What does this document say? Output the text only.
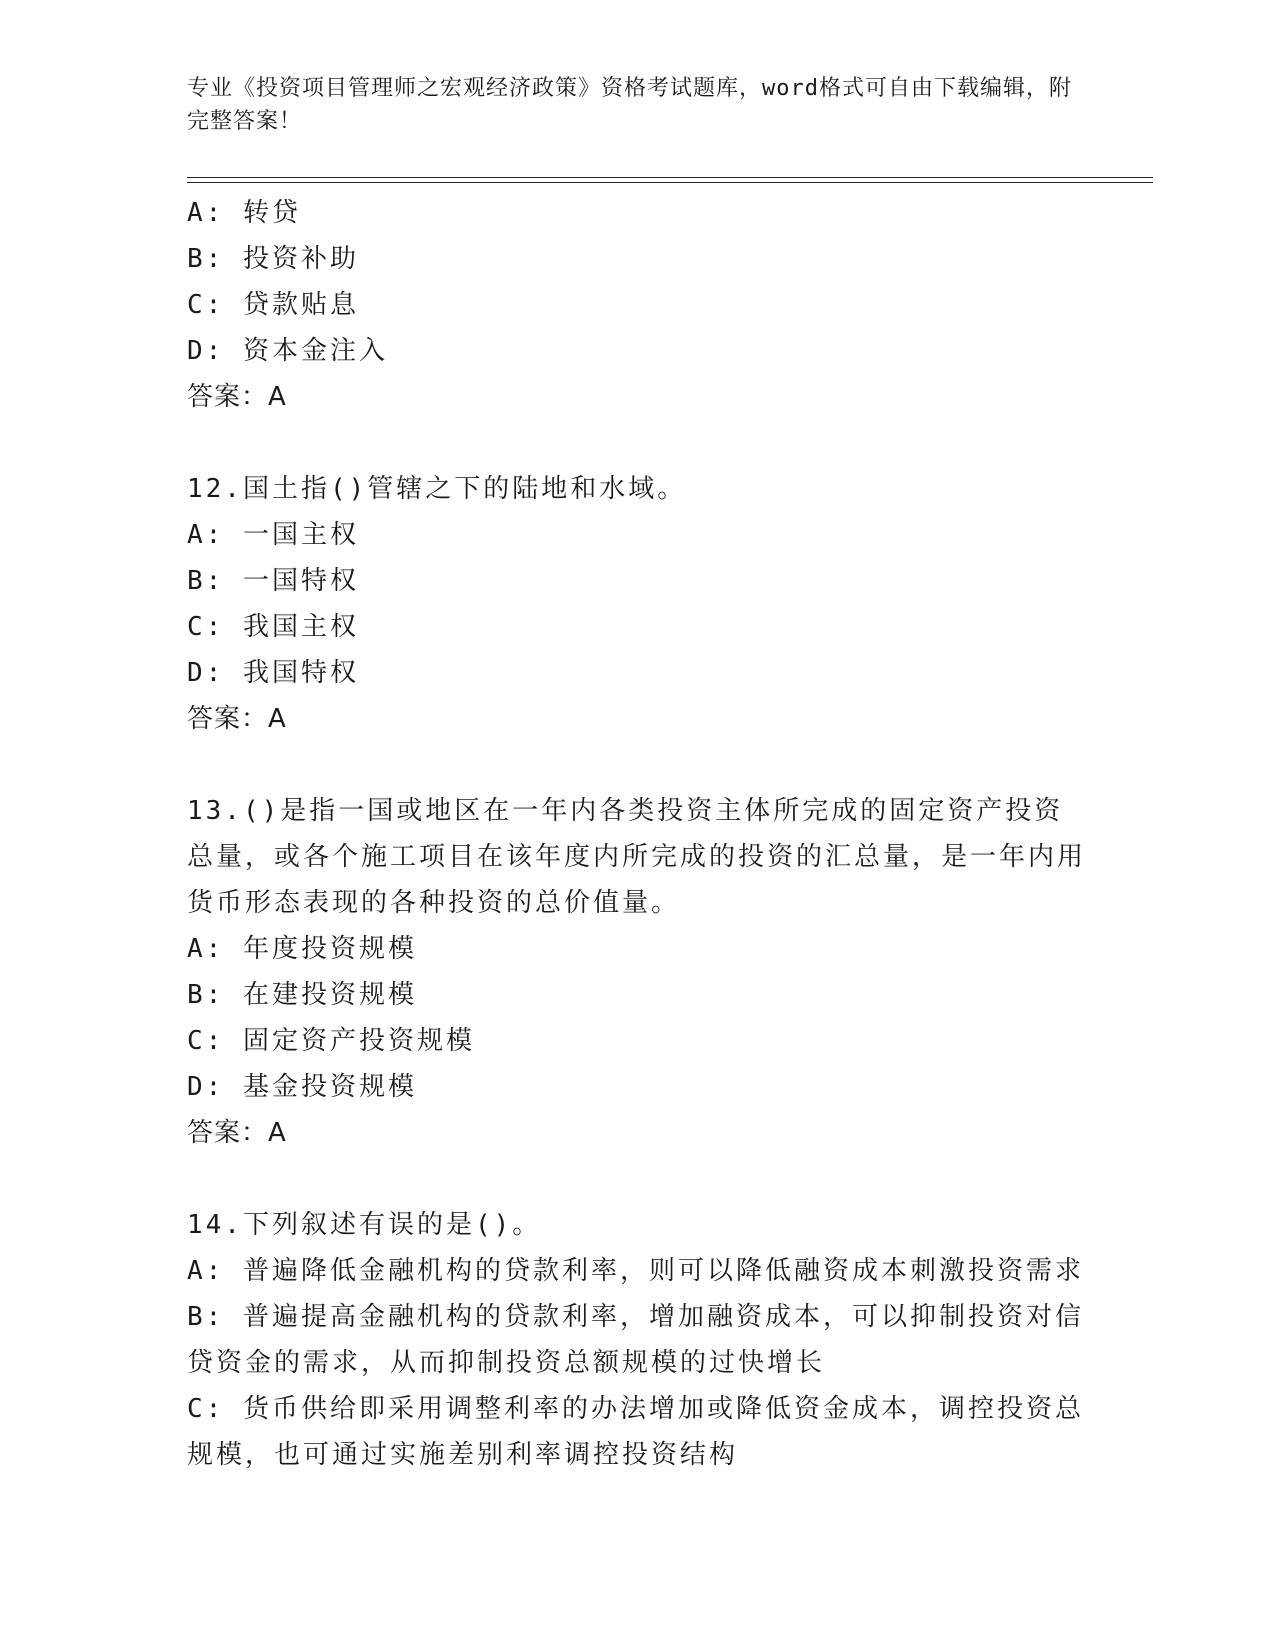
专业《投资项目管理师之宏观经济政策》资格考试题库，word格式可自由下载编辑，附完整答案！
A: 转贷
B: 投资补助
C: 贷款贴息
D: 资本金注入
答案：A
12.国土指()管辖之下的陆地和水域。
A: 一国主权
B: 一国特权
C: 我国主权
D: 我国特权
答案：A
13.()是指一国或地区在一年内各类投资主体所完成的固定资产投资总量，或各个施工项目在该年度内所完成的投资的汇总量，是一年内用货币形态表现的各种投资的总价值量。
A: 年度投资规模
B: 在建投资规模
C: 固定资产投资规模
D: 基金投资规模
答案：A
14.下列叙述有误的是()。
A: 普遍降低金融机构的贷款利率，则可以降低融资成本刺激投资需求
B: 普遍提高金融机构的贷款利率，增加融资成本，可以抑制投资对信贷资金的需求，从而抑制投资总额规模的过快增长
C: 货币供给即采用调整利率的办法增加或降低资金成本，调控投资总规模，也可通过实施差别利率调控投资结构
